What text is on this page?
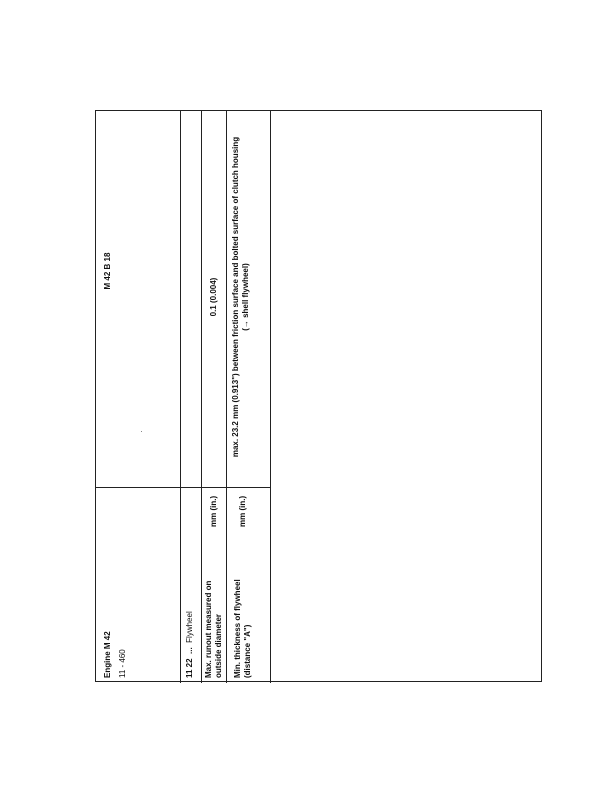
Engine M 42 11 - 460
M 42 B 18
11 22  ...  Flywheel Max. runout measured on outside diameter
mm (in.)
0.1 (0.004)
Min. thickness of flywheel (distance "A")
mm (in.)
max. 23.2 mm (0.913") between friction surface and bolted surface of clutch housing (→ shell flywheel)
